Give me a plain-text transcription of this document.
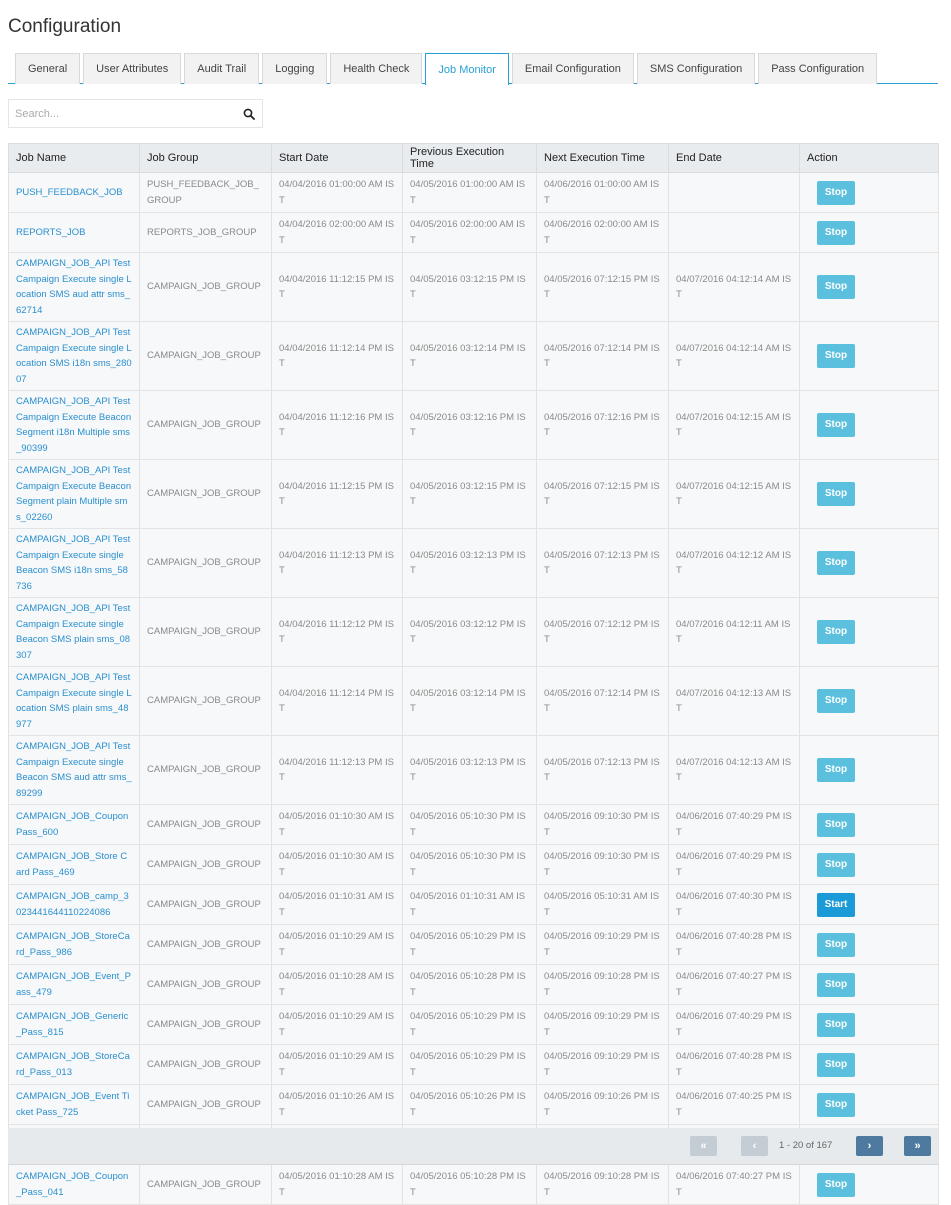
Configuration
General	User Attributes	Audit Trail	Logging	Health Check	Job Monitor	Email Configuration	SMS Configuration	Pass Configuration
Search...
Job Name	Job Group	Start Date	Previous Execution Time	Next Execution Time	End Date	Action
PUSH_FEEDBACK_JOB	PUSH_FEEDBACK_JOB_GROUP	04/04/2016 01:00:00 AM IST	04/05/2016 01:00:00 AM IST	04/06/2016 01:00:00 AM IST		Stop
REPORTS_JOB	REPORTS_JOB_GROUP	04/04/2016 02:00:00 AM IST	04/05/2016 02:00:00 AM IST	04/06/2016 02:00:00 AM IST		Stop
CAMPAIGN_JOB_API Test Campaign Execute single Location SMS aud attr sms_62714	CAMPAIGN_JOB_GROUP	04/04/2016 11:12:15 PM IST	04/05/2016 03:12:15 PM IST	04/05/2016 07:12:15 PM IST	04/07/2016 04:12:14 AM IST	Stop
CAMPAIGN_JOB_API Test Campaign Execute single Location SMS i18n sms_28007	CAMPAIGN_JOB_GROUP	04/04/2016 11:12:14 PM IST	04/05/2016 03:12:14 PM IST	04/05/2016 07:12:14 PM IST	04/07/2016 04:12:14 AM IST	Stop
CAMPAIGN_JOB_API Test Campaign Execute Beacon Segment i18n Multiple sms_90399	CAMPAIGN_JOB_GROUP	04/04/2016 11:12:16 PM IST	04/05/2016 03:12:16 PM IST	04/05/2016 07:12:16 PM IST	04/07/2016 04:12:15 AM IST	Stop
CAMPAIGN_JOB_API Test Campaign Execute Beacon Segment plain Multiple sms_02260	CAMPAIGN_JOB_GROUP	04/04/2016 11:12:15 PM IST	04/05/2016 03:12:15 PM IST	04/05/2016 07:12:15 PM IST	04/07/2016 04:12:15 AM IST	Stop
CAMPAIGN_JOB_API Test Campaign Execute single Beacon SMS i18n sms_58736	CAMPAIGN_JOB_GROUP	04/04/2016 11:12:13 PM IST	04/05/2016 03:12:13 PM IST	04/05/2016 07:12:13 PM IST	04/07/2016 04:12:12 AM IST	Stop
CAMPAIGN_JOB_API Test Campaign Execute single Beacon SMS plain sms_08307	CAMPAIGN_JOB_GROUP	04/04/2016 11:12:12 PM IST	04/05/2016 03:12:12 PM IST	04/05/2016 07:12:12 PM IST	04/07/2016 04:12:11 AM IST	Stop
CAMPAIGN_JOB_API Test Campaign Execute single Location SMS plain sms_48977	CAMPAIGN_JOB_GROUP	04/04/2016 11:12:14 PM IST	04/05/2016 03:12:14 PM IST	04/05/2016 07:12:14 PM IST	04/07/2016 04:12:13 AM IST	Stop
CAMPAIGN_JOB_API Test Campaign Execute single Beacon SMS aud attr sms_89299	CAMPAIGN_JOB_GROUP	04/04/2016 11:12:13 PM IST	04/05/2016 03:12:13 PM IST	04/05/2016 07:12:13 PM IST	04/07/2016 04:12:13 AM IST	Stop
CAMPAIGN_JOB_Coupon Pass_600	CAMPAIGN_JOB_GROUP	04/05/2016 01:10:30 AM IST	04/05/2016 05:10:30 PM IST	04/05/2016 09:10:30 PM IST	04/06/2016 07:40:29 PM IST	Stop
CAMPAIGN_JOB_Store Card Pass_469	CAMPAIGN_JOB_GROUP	04/05/2016 01:10:30 AM IST	04/05/2016 05:10:30 PM IST	04/05/2016 09:10:30 PM IST	04/06/2016 07:40:29 PM IST	Stop
CAMPAIGN_JOB_camp_3023441644110224086	CAMPAIGN_JOB_GROUP	04/05/2016 01:10:31 AM IST	04/05/2016 01:10:31 AM IST	04/05/2016 05:10:31 AM IST	04/06/2016 07:40:30 PM IST	Start
CAMPAIGN_JOB_StoreCard_Pass_986	CAMPAIGN_JOB_GROUP	04/05/2016 01:10:29 AM IST	04/05/2016 05:10:29 PM IST	04/05/2016 09:10:29 PM IST	04/06/2016 07:40:28 PM IST	Stop
CAMPAIGN_JOB_Event_Pass_479	CAMPAIGN_JOB_GROUP	04/05/2016 01:10:28 AM IST	04/05/2016 05:10:28 PM IST	04/05/2016 09:10:28 PM IST	04/06/2016 07:40:27 PM IST	Stop
CAMPAIGN_JOB_Generic_Pass_815	CAMPAIGN_JOB_GROUP	04/05/2016 01:10:29 AM IST	04/05/2016 05:10:29 PM IST	04/05/2016 09:10:29 PM IST	04/06/2016 07:40:29 PM IST	Stop
CAMPAIGN_JOB_StoreCard_Pass_013	CAMPAIGN_JOB_GROUP	04/05/2016 01:10:29 AM IST	04/05/2016 05:10:29 PM IST	04/05/2016 09:10:29 PM IST	04/06/2016 07:40:28 PM IST	Stop
CAMPAIGN_JOB_Event Ticket Pass_725	CAMPAIGN_JOB_GROUP	04/05/2016 01:10:26 AM IST	04/05/2016 05:10:26 PM IST	04/05/2016 09:10:26 PM IST	04/06/2016 07:40:25 PM IST	Stop

CAMPAIGN_JOB_Coupon_Pass_041	CAMPAIGN_JOB_GROUP	04/05/2016 01:10:28 AM IST	04/05/2016 05:10:28 PM IST	04/05/2016 09:10:28 PM IST	04/06/2016 07:40:27 PM IST	Stop
«	‹	1 - 20 of 167	›	»
